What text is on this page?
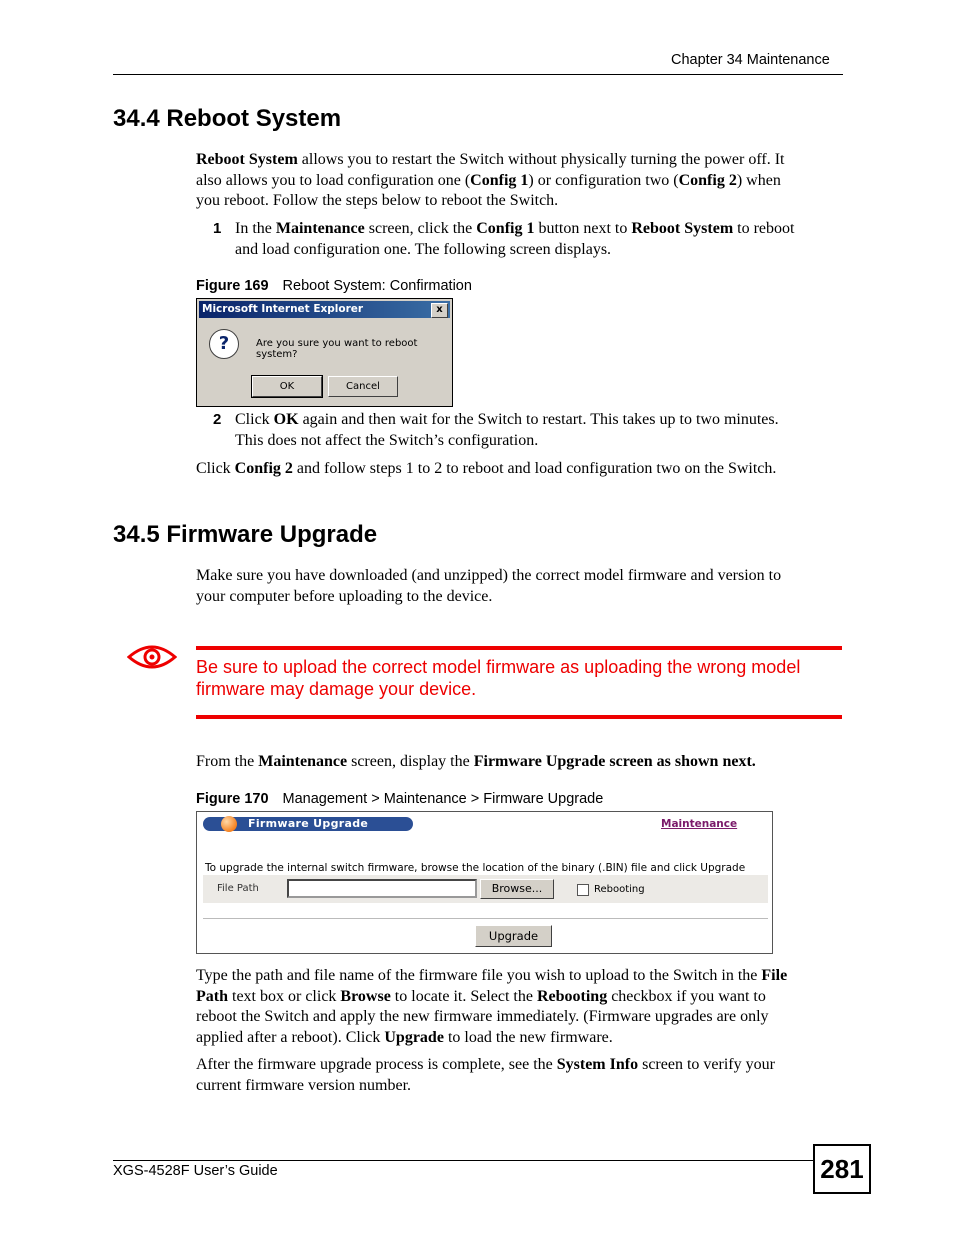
Chapter 34 Maintenance
34.4 Reboot System
Reboot System allows you to restart the Switch without physically turning the power off. It
also allows you to load configuration one (Config 1) or configuration two (Config 2) when
you reboot. Follow the steps below to reboot the Switch.
1 In the Maintenance screen, click the Config 1 button next to Reboot System to reboot
and load configuration one. The following screen displays.
Figure 169 Reboot System: Confirmation
Microsoft Internet Explorer	x
?	Are you sure you want to reboot system?
OK	Cancel
2 Click OK again and then wait for the Switch to restart. This takes up to two minutes.
This does not affect the Switch’s configuration.
Click Config 2 and follow steps 1 to 2 to reboot and load configuration two on the Switch.
34.5 Firmware Upgrade
Make sure you have downloaded (and unzipped) the correct model firmware and version to
your computer before uploading to the device.
Be sure to upload the correct model firmware as uploading the wrong model
firmware may damage your device.
From the Maintenance screen, display the Firmware Upgrade screen as shown next.
Figure 170 Management > Maintenance > Firmware Upgrade
Firmware Upgrade	Maintenance
To upgrade the internal switch firmware, browse the location of the binary (.BIN) file and click Upgrade
File Path	Browse...	Rebooting
Upgrade
Type the path and file name of the firmware file you wish to upload to the Switch in the File
Path text box or click Browse to locate it. Select the Rebooting checkbox if you want to
reboot the Switch and apply the new firmware immediately. (Firmware upgrades are only
applied after a reboot). Click Upgrade to load the new firmware.
After the firmware upgrade process is complete, see the System Info screen to verify your
current firmware version number.
XGS-4528F User’s Guide	281
